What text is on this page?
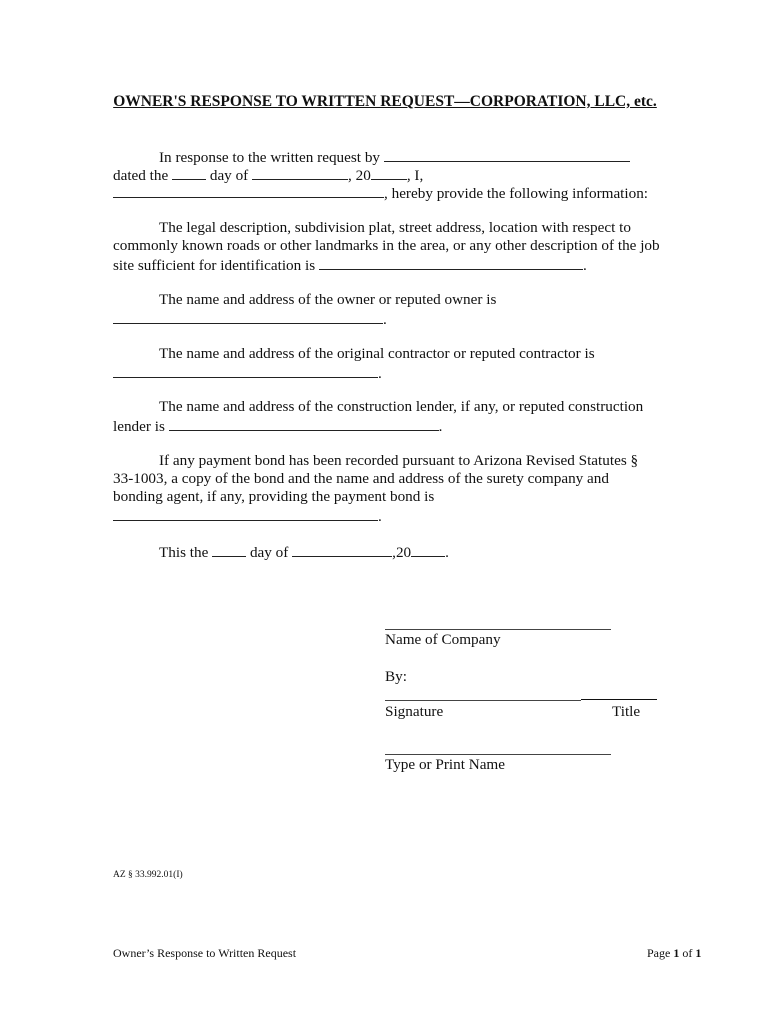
OWNER'S RESPONSE TO WRITTEN REQUEST—CORPORATION, LLC, etc.
In response to the written request by
dated the	day of	, 20 , I,
, hereby provide the following information:
The legal description, subdivision plat, street address, location with respect to
commonly known roads or other landmarks in the area, or any other description of the job
site sufficient for identification is	.
The name and address of the owner or reputed owner is
.
The name and address of the original contractor or reputed contractor is
.
The name and address of the construction lender, if any, or reputed construction
lender is	.
If any payment bond has been recorded pursuant to Arizona Revised Statutes §
33-1003, a copy of the bond and the name and address of the surety company and
bonding agent, if any, providing the payment bond is
.
This the	day of	,20 .
Name of Company
By:
Signature	Title
Type or Print Name
AZ § 33.992.01(I)
Owner’s Response to Written Request	Page 1 of 1
